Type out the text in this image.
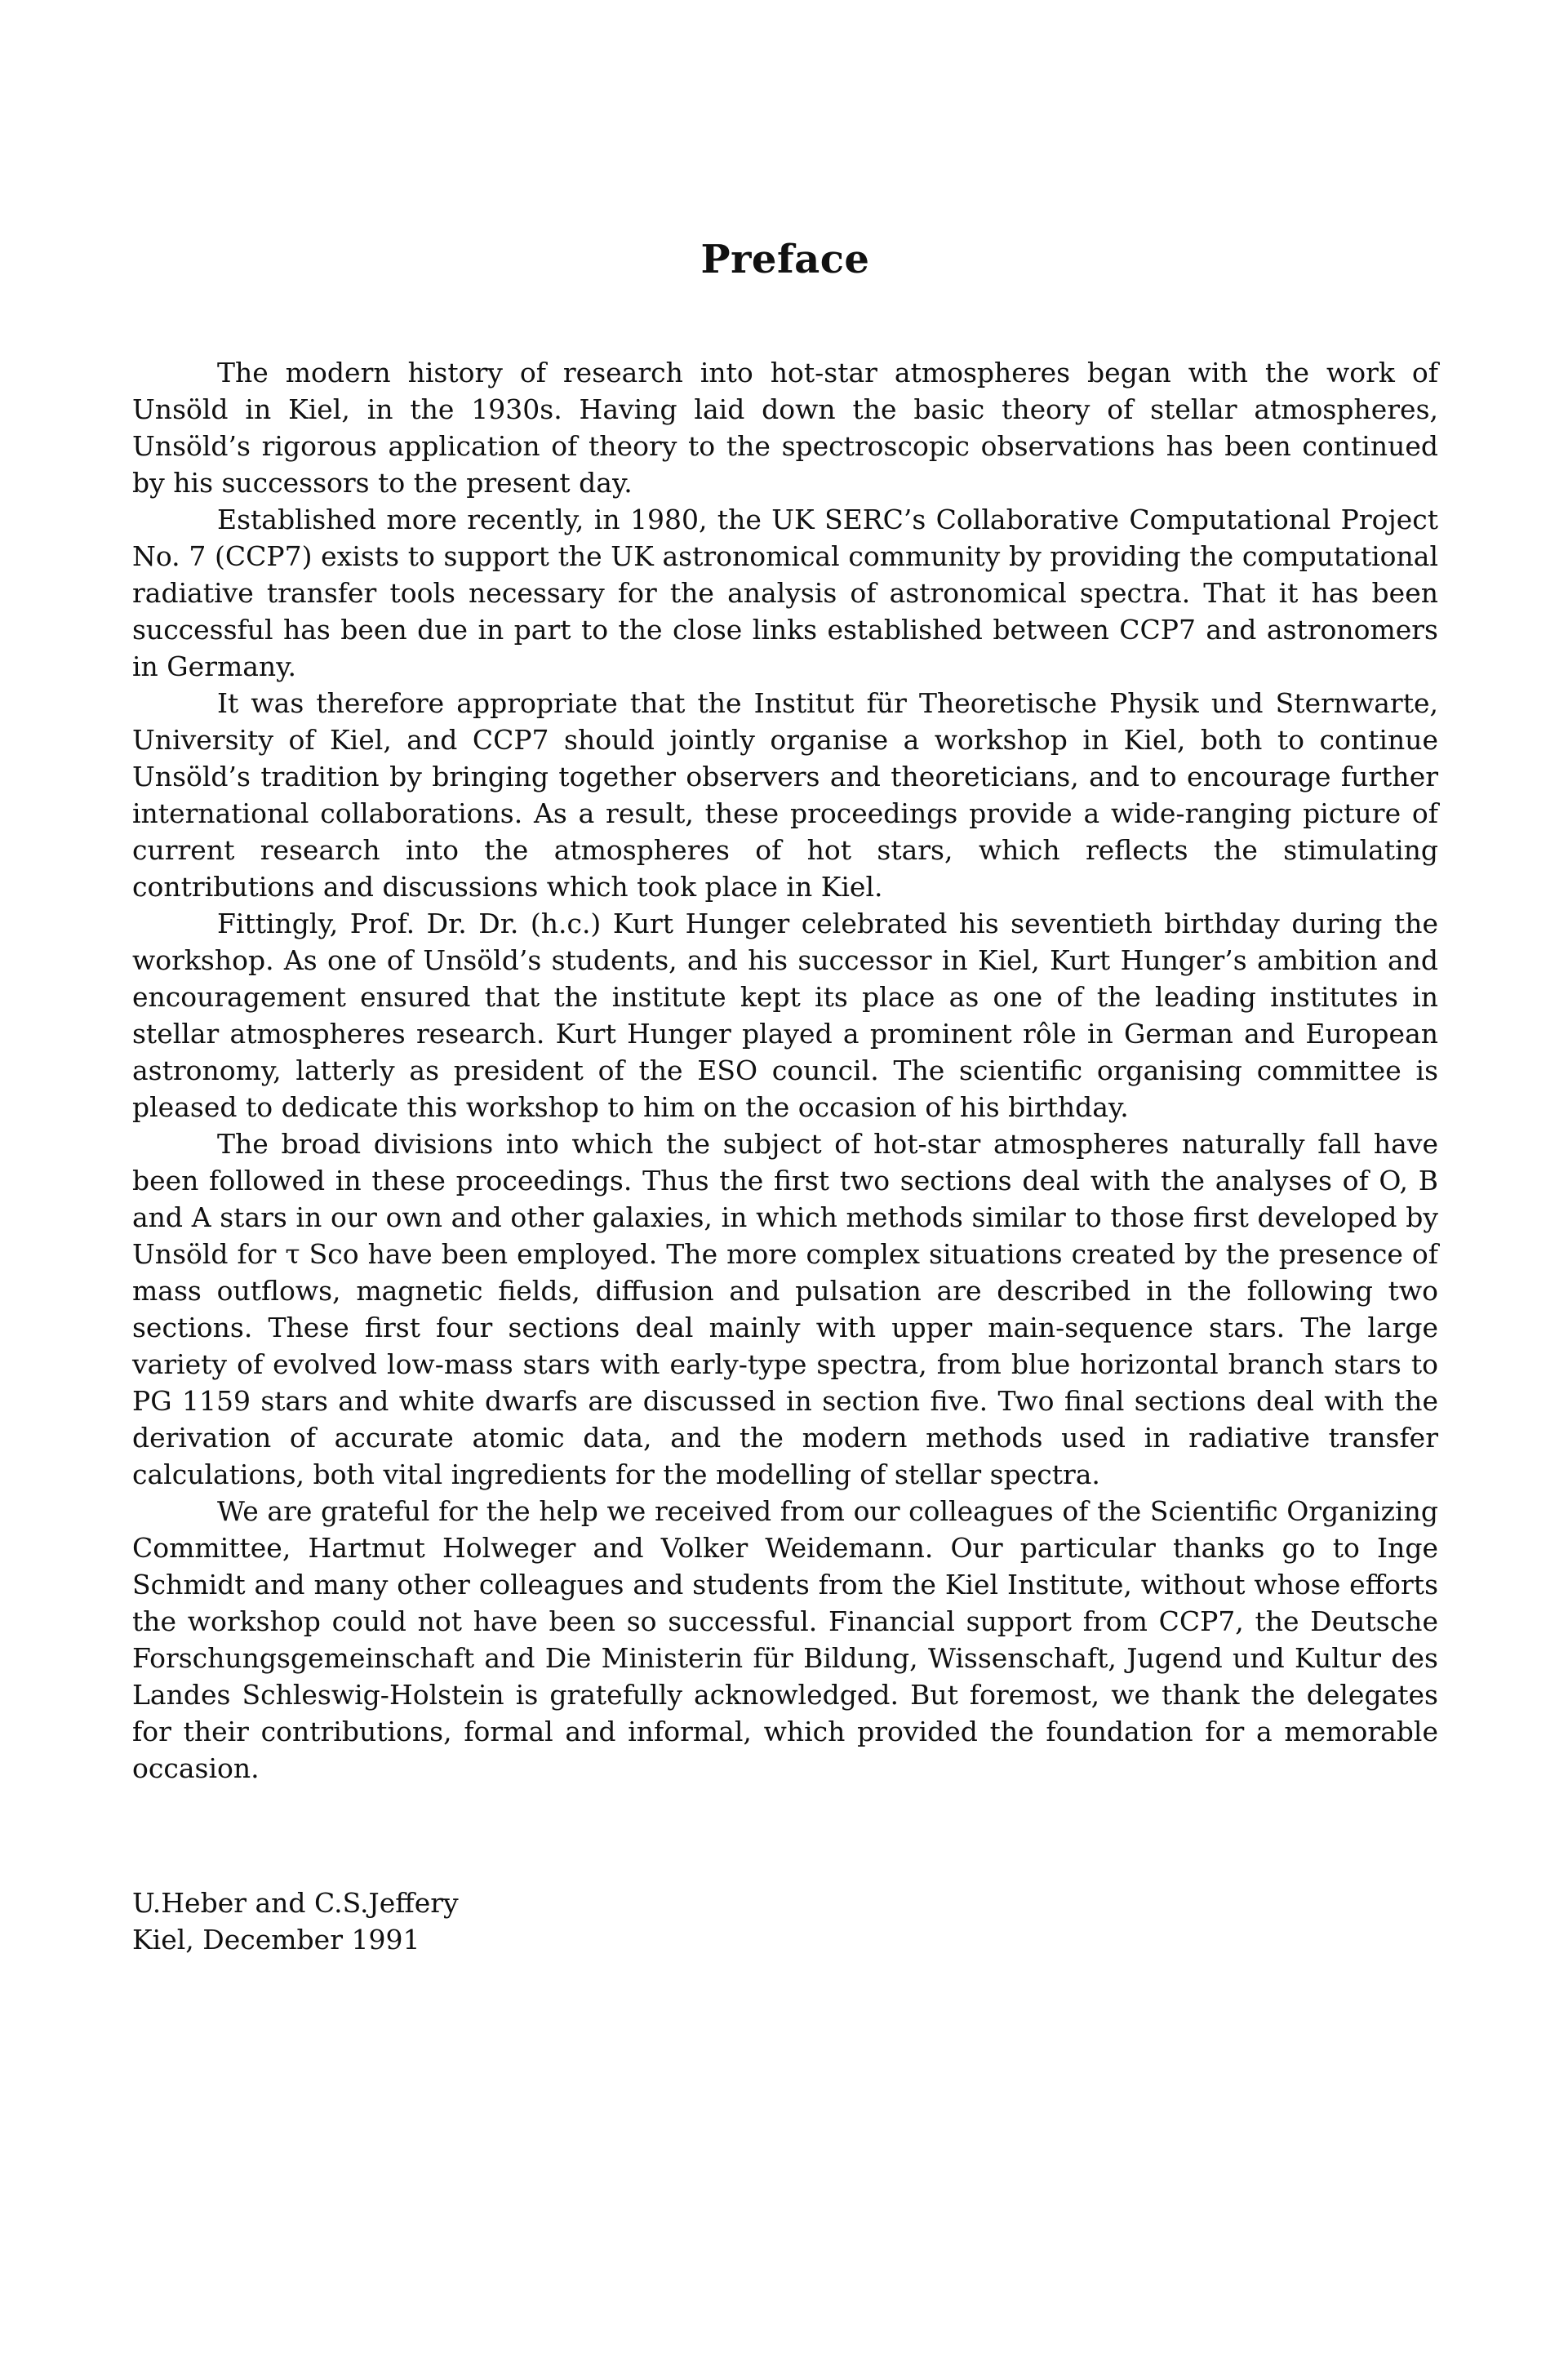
Preface

The modern history of research into hot-star atmospheres began with the work of Unsöld in Kiel, in the 1930s. Having laid down the basic theory of stellar atmospheres, Unsöld’s rigorous application of theory to the spectroscopic observations has been continued by his successors to the present day.

Established more recently, in 1980, the UK SERC’s Collaborative Computational Project No. 7 (CCP7) exists to support the UK astronomical community by providing the computational radiative transfer tools necessary for the analysis of astronomical spectra. That it has been successful has been due in part to the close links established between CCP7 and astronomers in Germany.

It was therefore appropriate that the Institut für Theoretische Physik und Sternwarte, University of Kiel, and CCP7 should jointly organise a workshop in Kiel, both to continue Unsöld’s tradition by bringing together observers and theoreticians, and to encourage further international collaborations. As a result, these proceedings provide a wide-ranging picture of current research into the atmospheres of hot stars, which reflects the stimulating contributions and discussions which took place in Kiel.

Fittingly, Prof. Dr. Dr. (h.c.) Kurt Hunger celebrated his seventieth birthday during the workshop. As one of Unsöld’s students, and his successor in Kiel, Kurt Hunger’s ambition and encouragement ensured that the institute kept its place as one of the leading institutes in stellar atmospheres research. Kurt Hunger played a prominent rôle in German and European astronomy, latterly as president of the ESO council. The scientific organising committee is pleased to dedicate this workshop to him on the occasion of his birthday.

The broad divisions into which the subject of hot-star atmospheres naturally fall have been followed in these proceedings. Thus the first two sections deal with the analyses of O, B and A stars in our own and other galaxies, in which methods similar to those first developed by Unsöld for τ Sco have been employed. The more complex situations created by the presence of mass outflows, magnetic fields, diffusion and pulsation are described in the following two sections. These first four sections deal mainly with upper main-sequence stars. The large variety of evolved low-mass stars with early-type spectra, from blue horizontal branch stars to PG 1159 stars and white dwarfs are discussed in section five. Two final sections deal with the derivation of accurate atomic data, and the modern methods used in radiative transfer calculations, both vital ingredients for the modelling of stellar spectra.

We are grateful for the help we received from our colleagues of the Scientific Organizing Committee, Hartmut Holweger and Volker Weidemann. Our particular thanks go to Inge Schmidt and many other colleagues and students from the Kiel Institute, without whose efforts the workshop could not have been so successful. Financial support from CCP7, the Deutsche Forschungsgemeinschaft and Die Ministerin für Bildung, Wissenschaft, Jugend und Kultur des Landes Schleswig-Holstein is gratefully acknowledged. But foremost, we thank the delegates for their contributions, formal and informal, which provided the foundation for a memorable occasion.

U.Heber and C.S.Jeffery
Kiel, December 1991
